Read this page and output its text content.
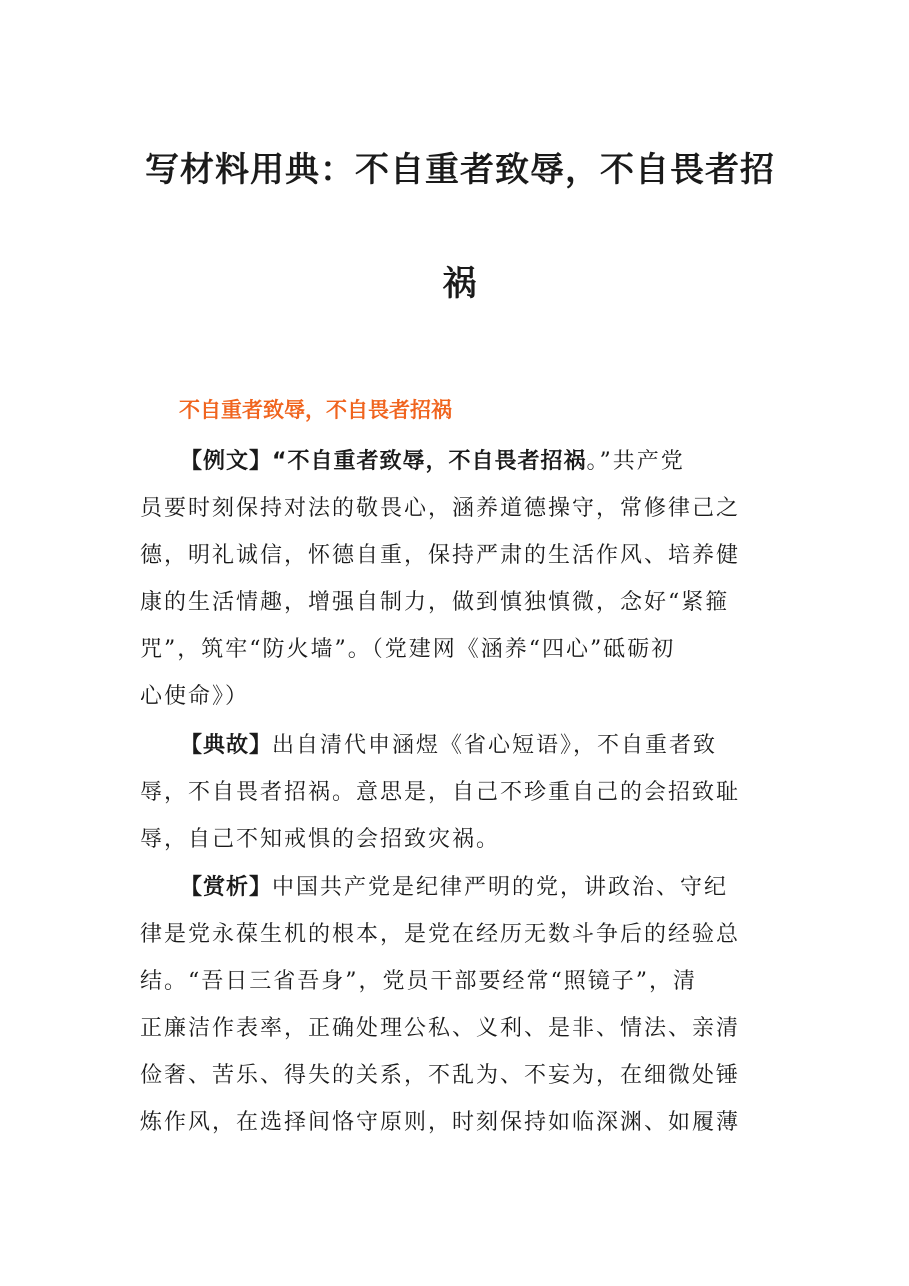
写材料用典：不自重者致辱，不自畏者招
祸
不自重者致辱，不自畏者招祸
【例文】“不自重者致辱，不自畏者招祸。”共产党
员要时刻保持对法的敬畏心，涵养道德操守，常修律己之
德，明礼诚信，怀德自重，保持严肃的生活作风、培养健
康的生活情趣，增强自制力，做到慎独慎微，念好“紧箍
咒”，筑牢“防火墙”。（党建网《涵养“四心”砥砺初
心使命》）
【典故】出自清代申涵煜《省心短语》，不自重者致
辱，不自畏者招祸。意思是，自己不珍重自己的会招致耻
辱，自己不知戒惧的会招致灾祸。
【赏析】中国共产党是纪律严明的党，讲政治、守纪
律是党永葆生机的根本，是党在经历无数斗争后的经验总
结。“吾日三省吾身”，党员干部要经常“照镜子”，清
正廉洁作表率，正确处理公私、义利、是非、情法、亲清
俭奢、苦乐、得失的关系，不乱为、不妄为，在细微处锤
炼作风，在选择间恪守原则，时刻保持如临深渊、如履薄
